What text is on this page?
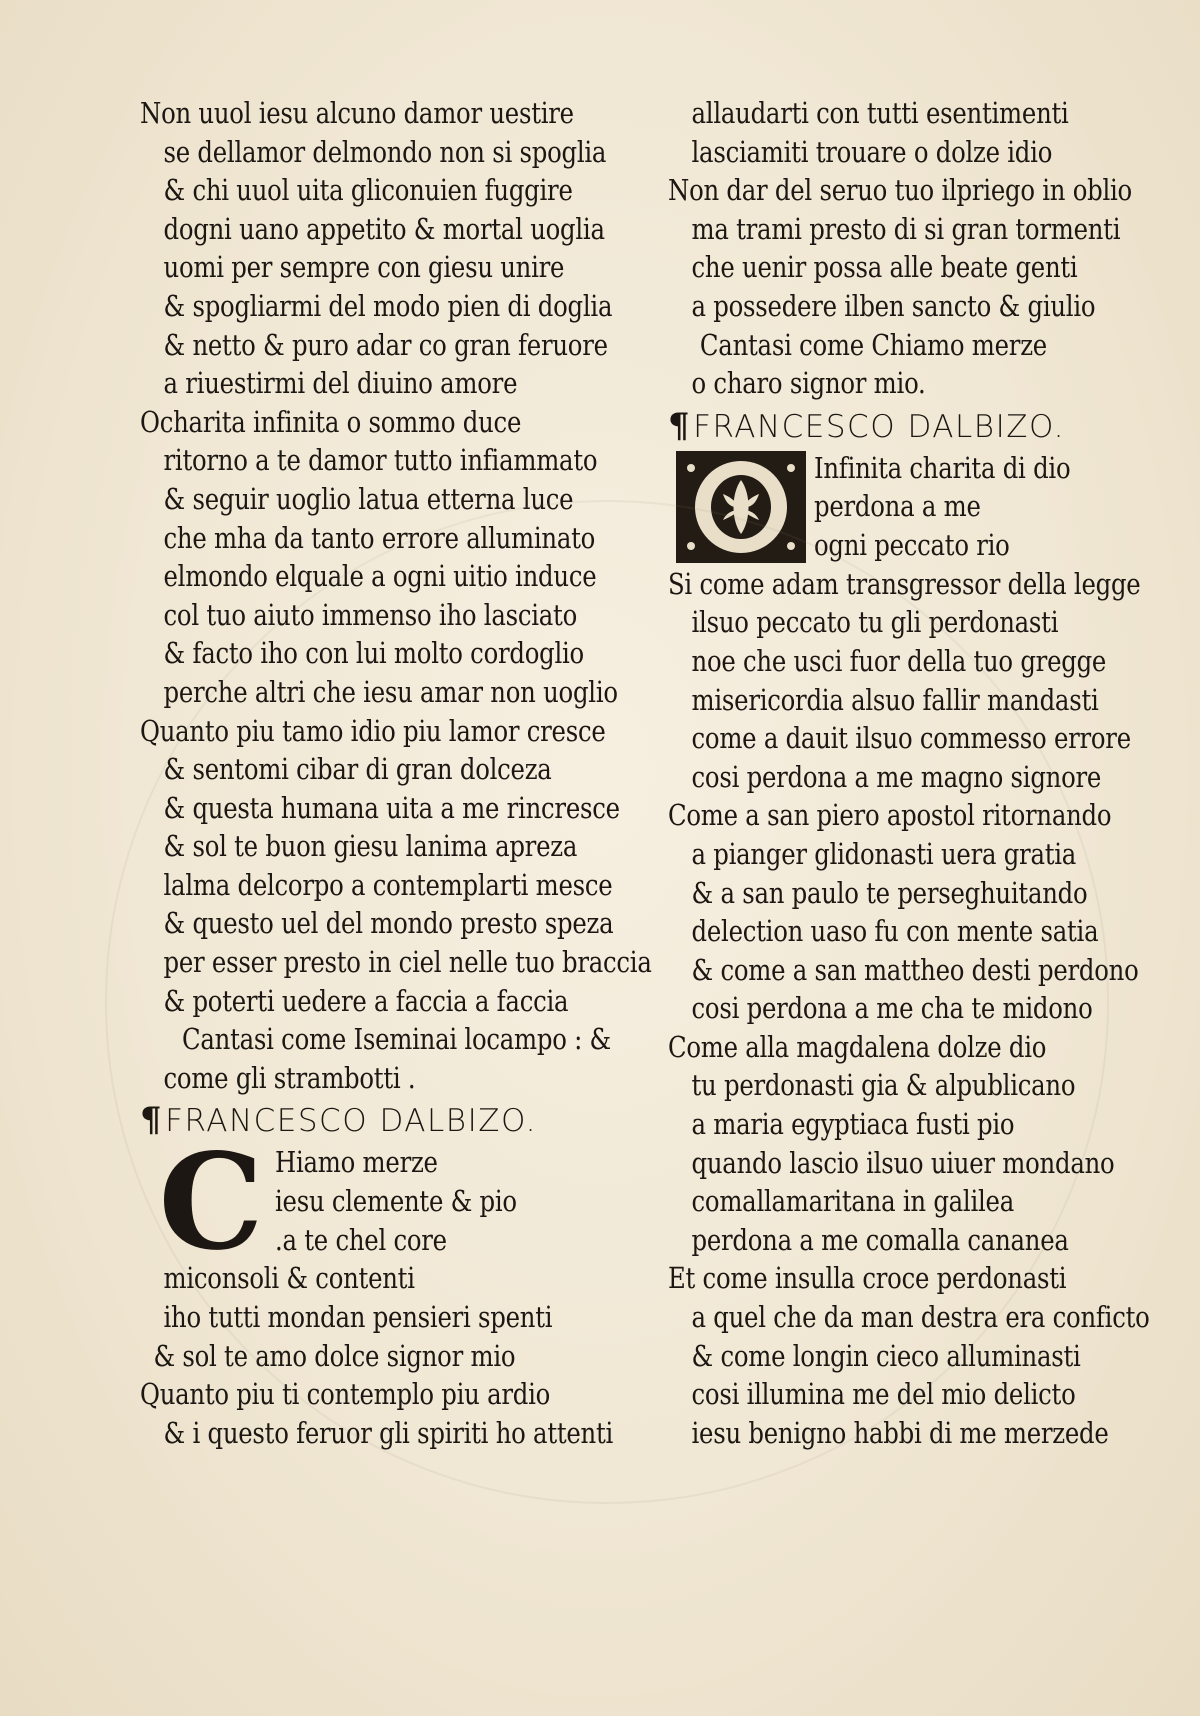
Non uuol iesu alcuno damor uestire
se dellamor delmondo non si spoglia
& chi uuol uita gliconuien fuggire
dogni uano appetito & mortal uoglia
uomi per sempre con giesu unire
& spogliarmi del modo pien di doglia
& netto & puro adar co gran feruore
a riuestirmi del diuino amore
Ocharita infinita o sommo duce
ritorno a te damor tutto infiammato
& seguir uoglio latua etterna luce
che mha da tanto errore alluminato
elmondo elquale a ogni uitio induce
col tuo aiuto immenso iho lasciato
& facto iho con lui molto cordoglio
perche altri che iesu amar non uoglio
Quanto piu tamo idio piu lamor cresce
& sentomi cibar di gran dolceza
& questa humana uita a me rincresce
& sol te buon giesu lanima apreza
lalma delcorpo a contemplarti mesce
& questo uel del mondo presto speza
per esser presto in ciel nelle tuo braccia
& poterti uedere a faccia a faccia
Cantasi come Iseminai locampo : &
come gli strambotti .
¶FRANCESCO DALBIZO.
C Hiamo merze
iesu clemente & pio
.a te chel core
miconsoli & contenti
iho tutti mondan pensieri spenti
& sol te amo dolce signor mio
Quanto piu ti contemplo piu ardio
& i questo feruor gli spiriti ho attenti
allaudarti con tutti esentimenti
lasciamiti trouare o dolze idio
Non dar del seruo tuo ilpriego in oblio
ma trami presto di si gran tormenti
che uenir possa alle beate genti
a possedere ilben sancto & giulio
Cantasi come Chiamo merze
o charo signor mio.
¶FRANCESCO DALBIZO.
Infinita charita di dio
perdona a me
ogni peccato rio
Si come adam transgressor della legge
ilsuo peccato tu gli perdonasti
noe che usci fuor della tuo gregge
misericordia alsuo fallir mandasti
come a dauit ilsuo commesso errore
cosi perdona a me magno signore
Come a san piero apostol ritornando
a pianger glidonasti uera gratia
& a san paulo te perseghuitando
delection uaso fu con mente satia
& come a san mattheo desti perdono
cosi perdona a me cha te midono
Come alla magdalena dolze dio
tu perdonasti gia & alpublicano
a maria egyptiaca fusti pio
quando lascio ilsuo uiuer mondano
comallamaritana in galilea
perdona a me comalla cananea
Et come insulla croce perdonasti
a quel che da man destra era conficto
& come longin cieco alluminasti
cosi illumina me del mio delicto
iesu benigno habbi di me merzede
